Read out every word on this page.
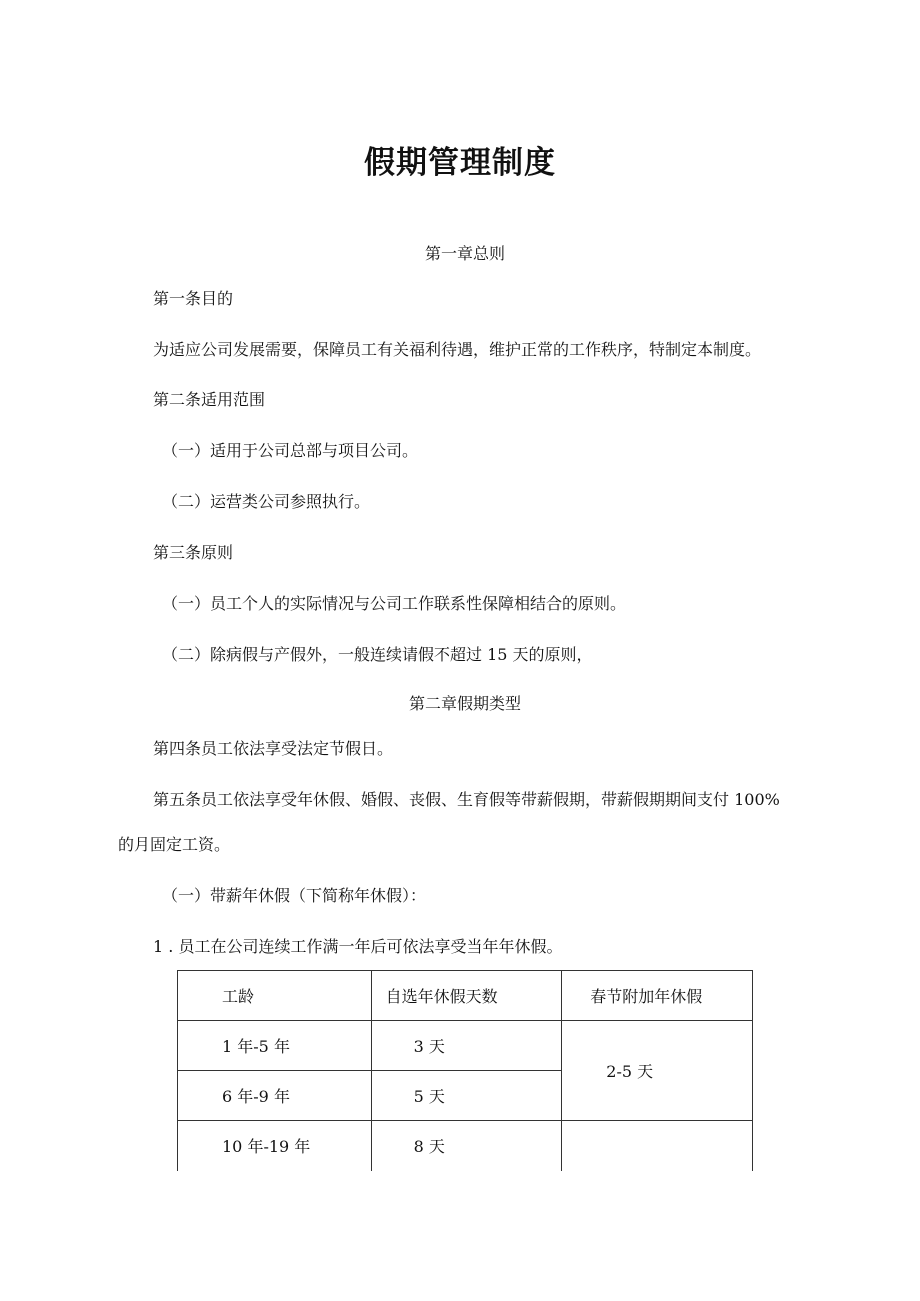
假期管理制度

第一章总则

第一条目的

为适应公司发展需要，保障员工有关福利待遇，维护正常的工作秩序，特制定本制度。

第二条适用范围

（一）适用于公司总部与项目公司。

（二）运营类公司参照执行。

第三条原则

（一）员工个人的实际情况与公司工作联系性保障相结合的原则。

（二）除病假与产假外，一般连续请假不超过 15 天的原则，

第二章假期类型

第四条员工依法享受法定节假日。

第五条员工依法享受年休假、婚假、丧假、生育假等带薪假期，带薪假期期间支付 100%

的月固定工资。

（一）带薪年休假（下简称年休假）：

1 . 员工在公司连续工作满一年后可依法享受当年年休假。

工龄	自选年休假天数	春节附加年休假
1 年-5 年	3 天	2-5 天
6 年-9 年	5 天	
10 年-19 年	8 天	
